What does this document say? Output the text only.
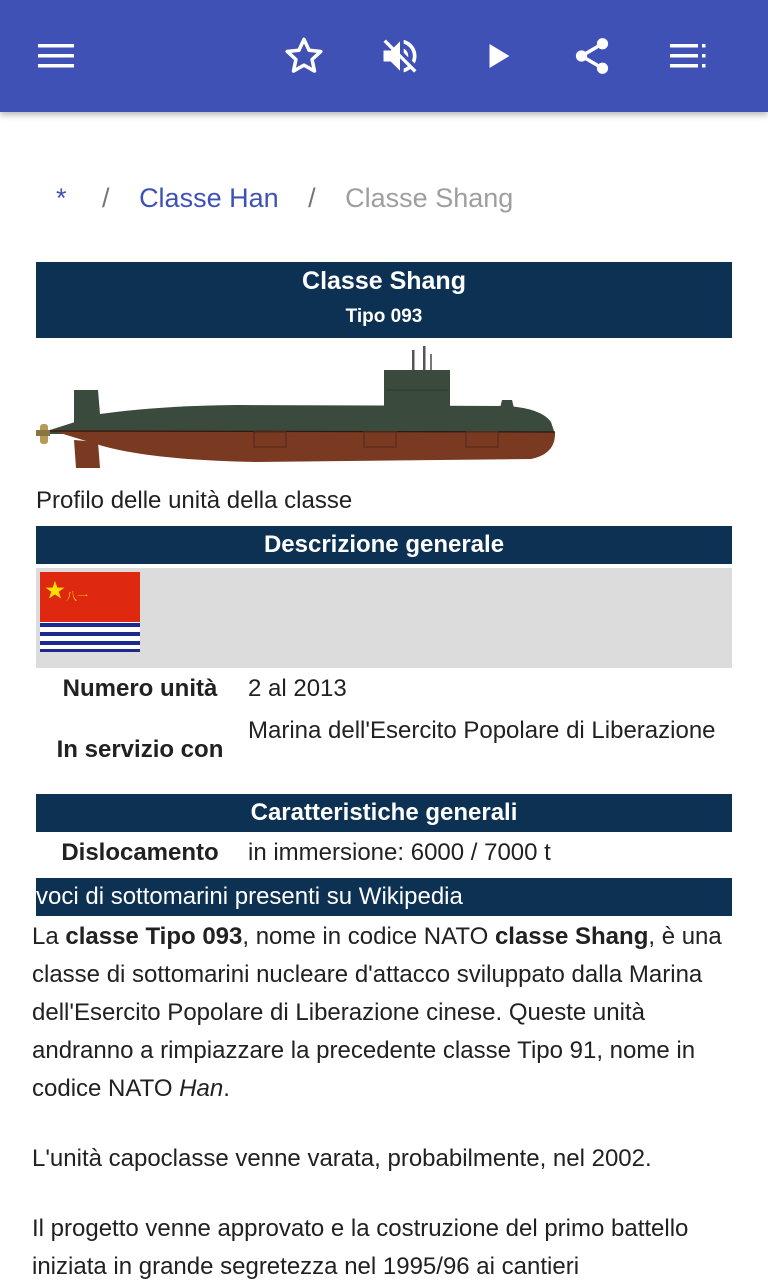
* / Classe Han / Classe Shang
Classe Shang
Tipo 093
Profilo delle unità della classe
Descrizione generale
八一
Numero unità	2 al 2013
In servizio con
Marina dell'Esercito Popolare di Liberazione
Caratteristiche generali
Dislocamento	in immersione: 6000 / 7000 t
voci di sottomarini presenti su Wikipedia

La classe Tipo 093, nome in codice NATO classe Shang, è una classe di sottomarini nucleare d'attacco sviluppato dalla Marina dell'Esercito Popolare di Liberazione cinese. Queste unità andranno a rimpiazzare la precedente classe Tipo 91, nome in codice NATO Han.

L'unità capoclasse venne varata, probabilmente, nel 2002.

Il progetto venne approvato e la costruzione del primo battello iniziata in grande segretezza nel 1995/96 ai cantieri
